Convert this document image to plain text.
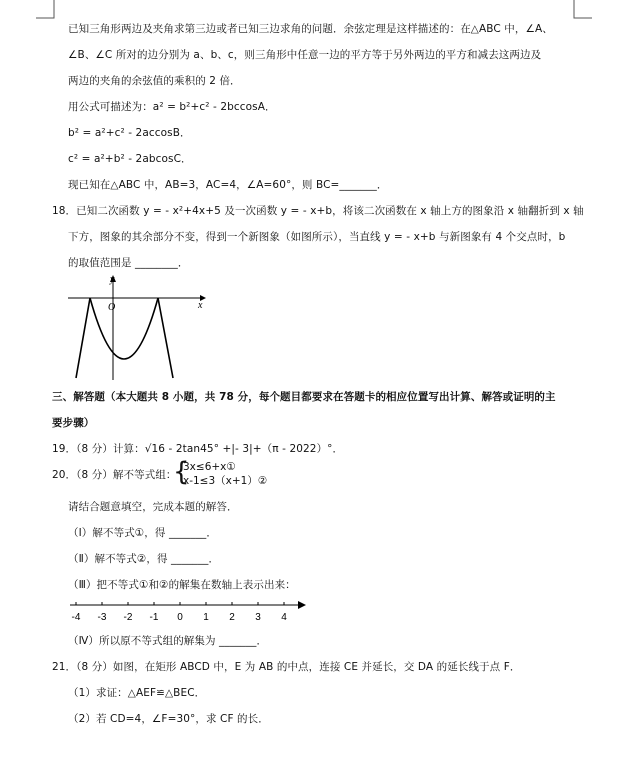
已知三角形两边及夹角求第三边或者已知三边求角的问题．余弦定理是这样描述的：在△ABC 中，∠A、
∠B、∠C 所对的边分别为 a、b、c，则三角形中任意一边的平方等于另外两边的平方和减去这两边及
两边的夹角的余弦值的乘积的 2 倍．
用公式可描述为：a² = b²+c² - 2bccosA．
b² = a²+c² - 2accosB．
c² = a²+b² - 2abcosC．
现已知在△ABC 中，AB=3，AC=4，∠A=60°，则 BC=_______．
18．已知二次函数 y = - x²+4x+5 及一次函数 y = - x+b，将该二次函数在 x 轴上方的图象沿 x 轴翻折到 x 轴
下方，图象的其余部分不变，得到一个新图象（如图所示），当直线 y = - x+b 与新图象有 4 个交点时，b
的取值范围是 ________．
y
x
O
三、解答题（本大题共 8 小题，共 78 分，每个题目都要求在答题卡的相应位置写出计算、解答或证明的主
要步骤）
19．（8 分）计算：√16 - 2tan45° +|- 3|+（π - 2022）°．
20．（8 分）解不等式组：
{
3x≤6+x①
x-1≤3（x+1）②
请结合题意填空，完成本题的解答．
（Ⅰ）解不等式①，得 _______．
（Ⅱ）解不等式②，得 _______．
（Ⅲ）把不等式①和②的解集在数轴上表示出来：
-4 -3 -2 -1 0 1 2 3 4
（Ⅳ）所以原不等式组的解集为 _______．
21．（8 分）如图，在矩形 ABCD 中，E 为 AB 的中点，连接 CE 并延长，交 DA 的延长线于点 F．
（1）求证：△AEF≌△BEC．
（2）若 CD=4，∠F=30°，求 CF 的长．
